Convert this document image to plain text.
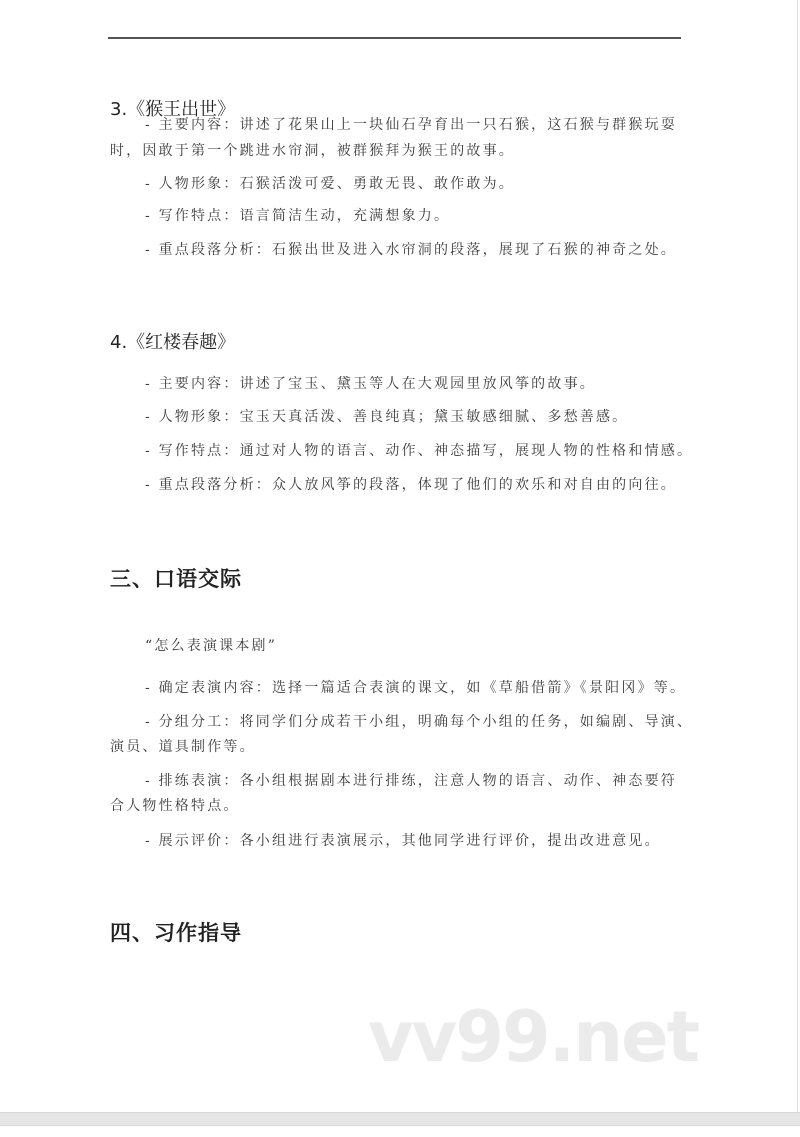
3.《猴王出世》
- 主要内容：讲述了花果山上一块仙石孕育出一只石猴，这石猴与群猴玩耍
时，因敢于第一个跳进水帘洞，被群猴拜为猴王的故事。
- 人物形象：石猴活泼可爱、勇敢无畏、敢作敢为。
- 写作特点：语言简洁生动，充满想象力。
- 重点段落分析：石猴出世及进入水帘洞的段落，展现了石猴的神奇之处。
4.《红楼春趣》
- 主要内容：讲述了宝玉、黛玉等人在大观园里放风筝的故事。
- 人物形象：宝玉天真活泼、善良纯真；黛玉敏感细腻、多愁善感。
- 写作特点：通过对人物的语言、动作、神态描写，展现人物的性格和情感。
- 重点段落分析：众人放风筝的段落，体现了他们的欢乐和对自由的向往。
三、口语交际
“怎么表演课本剧”
- 确定表演内容：选择一篇适合表演的课文，如《草船借箭》《景阳冈》等。
- 分组分工：将同学们分成若干小组，明确每个小组的任务，如编剧、导演、
演员、道具制作等。
- 排练表演：各小组根据剧本进行排练，注意人物的语言、动作、神态要符
合人物性格特点。
- 展示评价：各小组进行表演展示，其他同学进行评价，提出改进意见。
四、习作指导
vv99.net
